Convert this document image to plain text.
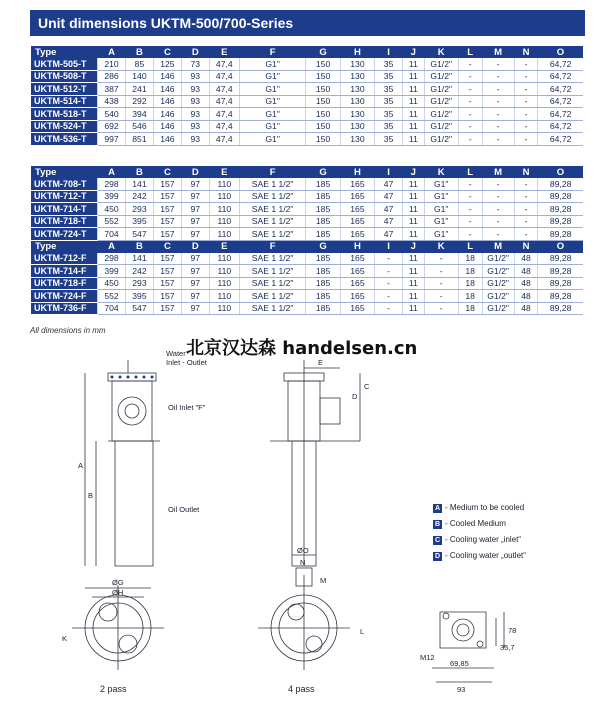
Unit dimensions UKTM-500/700-Series
Type	A	B	C	D	E	F	G	H	I	J	K	L	M	N	O
UKTM-505-T	210	85	125	73	47,4	G1"	150	130	35	11	G1/2"	-	-	-	64,72
UKTM-508-T	286	140	146	93	47,4	G1"	150	130	35	11	G1/2"	-	-	-	64,72
UKTM-512-T	387	241	146	93	47,4	G1"	150	130	35	11	G1/2"	-	-	-	64,72
UKTM-514-T	438	292	146	93	47,4	G1"	150	130	35	11	G1/2"	-	-	-	64,72
UKTM-518-T	540	394	146	93	47,4	G1"	150	130	35	11	G1/2"	-	-	-	64,72
UKTM-524-T	692	546	146	93	47,4	G1"	150	130	35	11	G1/2"	-	-	-	64,72
UKTM-536-T	997	851	146	93	47,4	G1"	150	130	35	11	G1/2"	-	-	-	64,72
Type	A	B	C	D	E	F	G	H	I	J	K	L	M	N	O
UKTM-708-T	298	141	157	97	110	SAE 1 1/2"	185	165	47	11	G1"	-	-	-	89,28
UKTM-712-T	399	242	157	97	110	SAE 1 1/2"	185	165	47	11	G1"	-	-	-	89,28
UKTM-714-T	450	293	157	97	110	SAE 1 1/2"	185	165	47	11	G1"	-	-	-	89,28
UKTM-718-T	552	395	157	97	110	SAE 1 1/2"	185	165	47	11	G1"	-	-	-	89,28
UKTM-724-T	704	547	157	97	110	SAE 1 1/2"	185	165	47	11	G1"	-	-	-	89,28
Type	A	B	C	D	E	F	G	H	I	J	K	L	M	N	O
UKTM-712-F	298	141	157	97	110	SAE 1 1/2"	185	165	-	11	-	18	G1/2"	48	89,28
UKTM-714-F	399	242	157	97	110	SAE 1 1/2"	185	165	-	11	-	18	G1/2"	48	89,28
UKTM-718-F	450	293	157	97	110	SAE 1 1/2"	185	165	-	11	-	18	G1/2"	48	89,28
UKTM-724-F	552	395	157	97	110	SAE 1 1/2"	185	165	-	11	-	18	G1/2"	48	89,28
UKTM-736-F	704	547	157	97	110	SAE 1 1/2"	185	165	-	11	-	18	G1/2"	48	89,28
All dimensions in mm
北京汉达森 handelsen.cn
Water
Inlet - Outlet
Oil Inlet "F"
Oil Outlet
A
B
C
D
E
ØO
ØG
ØH
K
L
M
N
78
35,7
69,85
93
M12
A - Medium to be cooled
B - Cooled Medium
C - Cooling water „inlet“
D - Cooling water „outlet“
2 pass	4 pass
